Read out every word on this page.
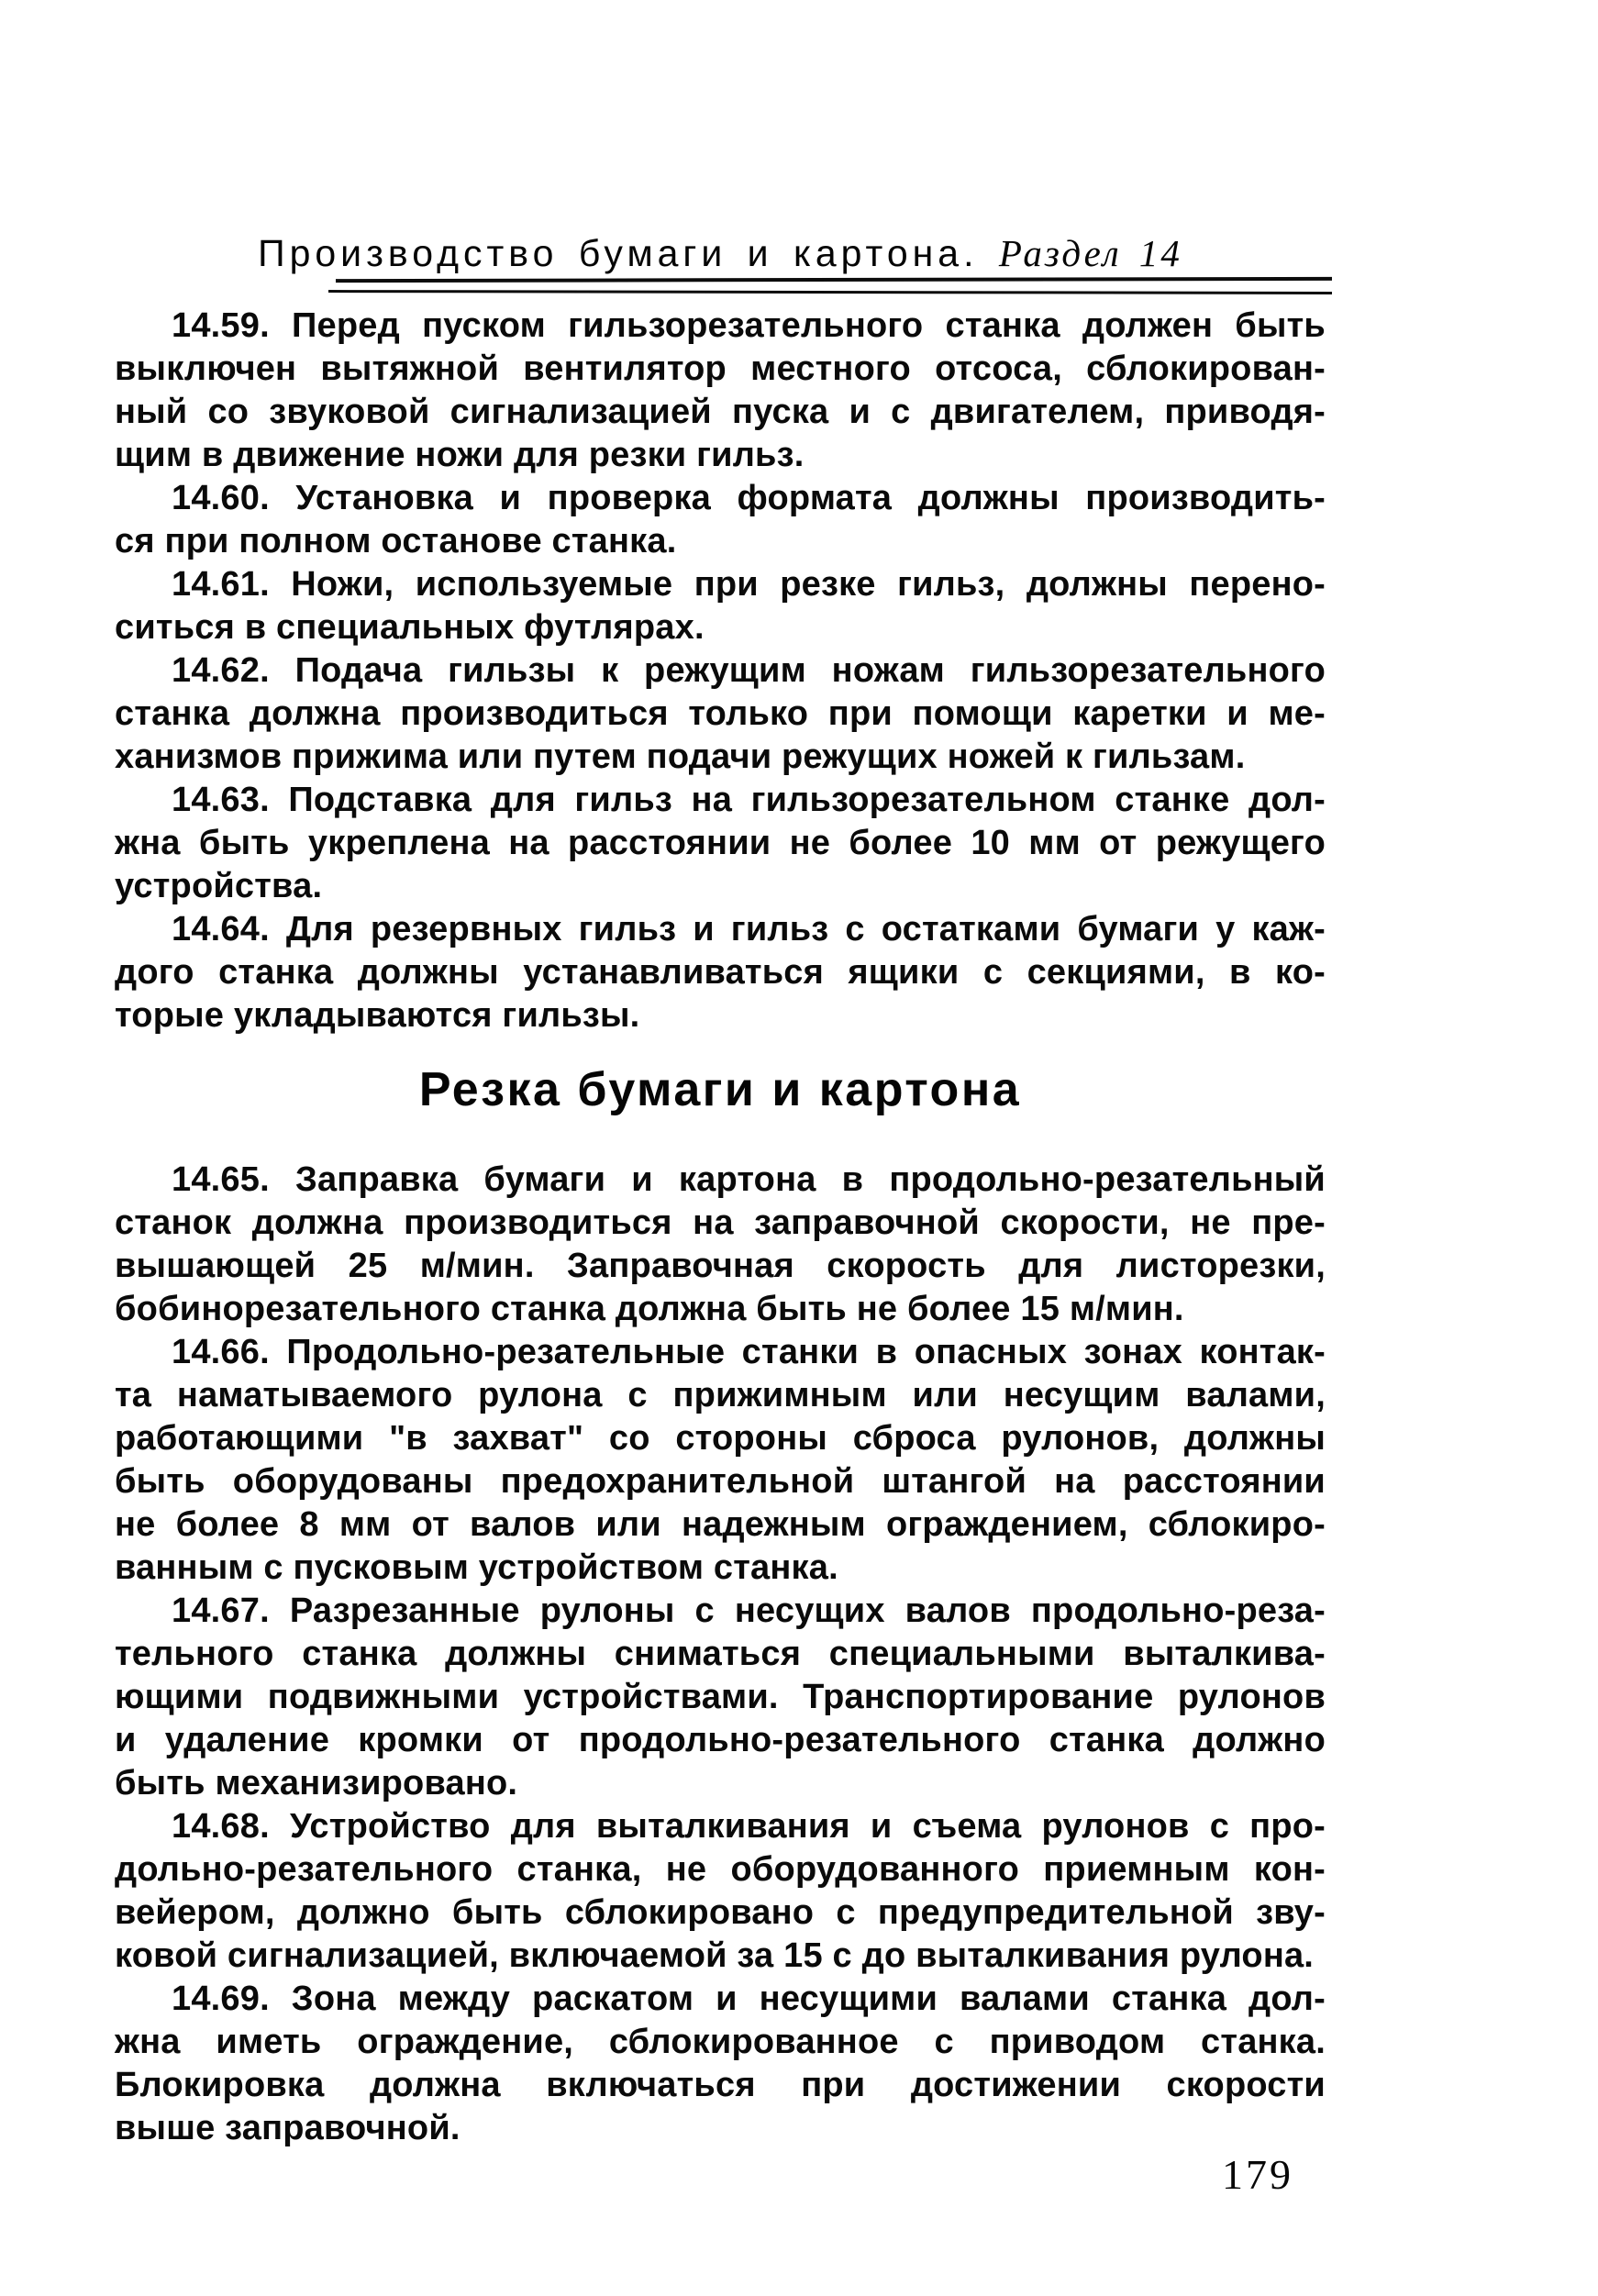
Производство бумаги и картона. Раздел 14
14.59. Перед пуском гильзорезательного станка должен быть
выключен вытяжной вентилятор местного отсоса, сблокирован-
ный со звуковой сигнализацией пуска и с двигателем, приводя-
щим в движение ножи для резки гильз.
14.60. Установка и проверка формата должны производить-
ся при полном останове станка.
14.61. Ножи, используемые при резке гильз, должны перено-
ситься в специальных футлярах.
14.62. Подача гильзы к режущим ножам гильзорезательного
станка должна производиться только при помощи каретки и ме-
ханизмов прижима или путем подачи режущих ножей к гильзам.
14.63. Подставка для гильз на гильзорезательном станке дол-
жна быть укреплена на расстоянии не более 10 мм от режущего
устройства.
14.64. Для резервных гильз и гильз с остатками бумаги у каж-
дого станка должны устанавливаться ящики с секциями, в ко-
торые укладываются гильзы.
Резка бумаги и картона
14.65. Заправка бумаги и картона в продольно-резательный
станок должна производиться на заправочной скорости, не пре-
вышающей 25 м/мин. Заправочная скорость для листорезки,
бобинорезательного станка должна быть не более 15 м/мин.
14.66. Продольно-резательные станки в опасных зонах контак-
та наматываемого рулона с прижимным или несущим валами,
работающими "в захват" со стороны сброса рулонов, должны
быть оборудованы предохранительной штангой на расстоянии
не более 8 мм от валов или надежным ограждением, сблокиро-
ванным с пусковым устройством станка.
14.67. Разрезанные рулоны с несущих валов продольно-реза-
тельного станка должны сниматься специальными выталкива-
ющими подвижными устройствами. Транспортирование рулонов
и удаление кромки от продольно-резательного станка должно
быть механизировано.
14.68. Устройство для выталкивания и съема рулонов с про-
дольно-резательного станка, не оборудованного приемным кон-
вейером, должно быть сблокировано с предупредительной зву-
ковой сигнализацией, включаемой за 15 с до выталкивания рулона.
14.69. Зона между раскатом и несущими валами станка дол-
жна иметь ограждение, сблокированное с приводом станка.
Блокировка должна включаться при достижении скорости
выше заправочной.
179
